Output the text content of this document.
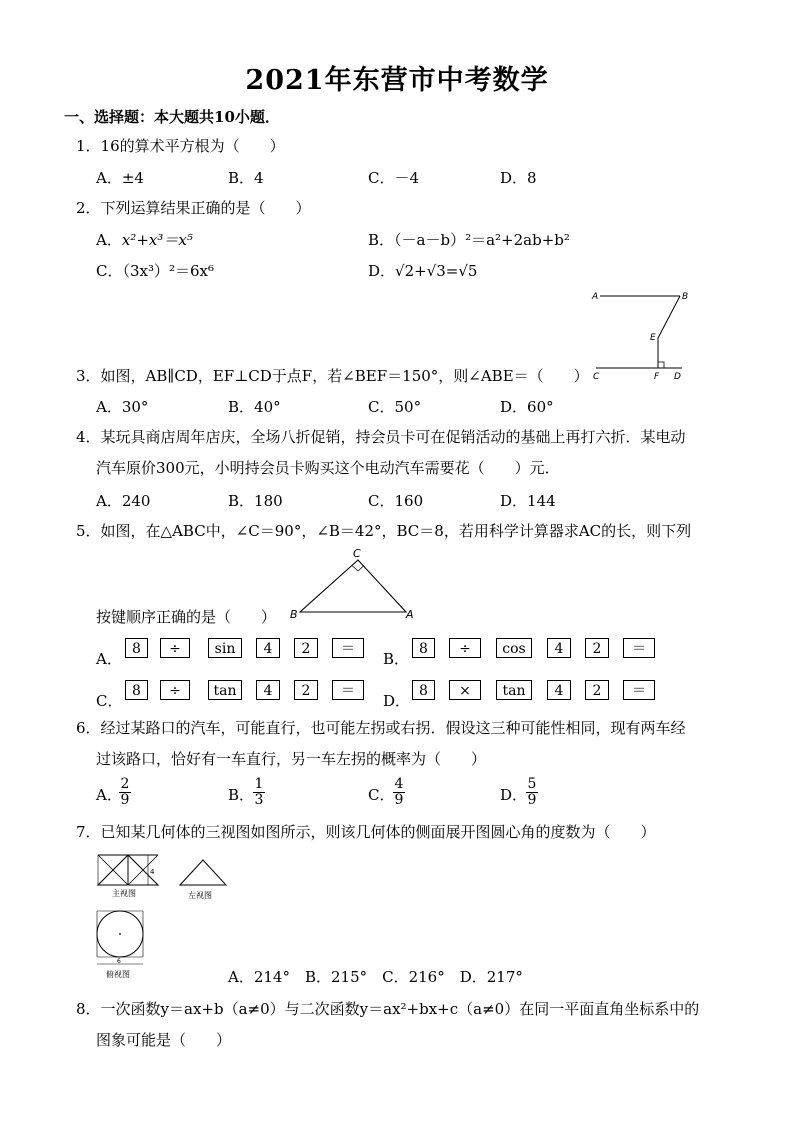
2021年东营市中考数学
一、选择题：本大题共10小题．
1．16的算术平方根为（　　）
A．±4	B．4	C．－4	D．8
2．下列运算结果正确的是（　　）
A．x²+x³＝x⁵	B．（－a－b）²＝a²+2ab+b²
C．（3x³）²＝6x⁶	D．√2+√3=√5
A	B
E
C	F D
3．如图，AB∥CD，EF⊥CD于点F，若∠BEF＝150°，则∠ABE＝（　　）
A．30°	B．40°	C．50°	D．60°
4．某玩具商店周年店庆，全场八折促销，持会员卡可在促销活动的基础上再打六折．某电动
汽车原价300元，小明持会员卡购买这个电动汽车需要花（　　）元．
A．240	B．180	C．160	D．144
5．如图，在△ABC中，∠C＝90°，∠B＝42°，BC＝8，若用科学计算器求AC的长，则下列
C
B	A
按键顺序正确的是（　　）
A．
8	÷	sin	4	2	＝
B．
8	÷	cos	4	2	＝
C．
8	÷	tan	4	2	＝
D．
8	×	tan	4	2	＝
6．经过某路口的汽车，可能直行，也可能左拐或右拐．假设这三种可能性相同，现有两车经
过该路口，恰好有一车直行，另一车左拐的概率为（　　）
A．
2
9	B．
1
3	C．
4
9	D．
5
9
7．已知某几何体的三视图如图所示，则该几何体的侧面展开图圆心角的度数为（　　）
4
主视图	左视图
6
俯视图	A．214°　B．215°　C．216°　D．217°
8．一次函数y＝ax+b（a≠0）与二次函数y＝ax²+bx+c（a≠0）在同一平面直角坐标系中的
图象可能是（　　）
